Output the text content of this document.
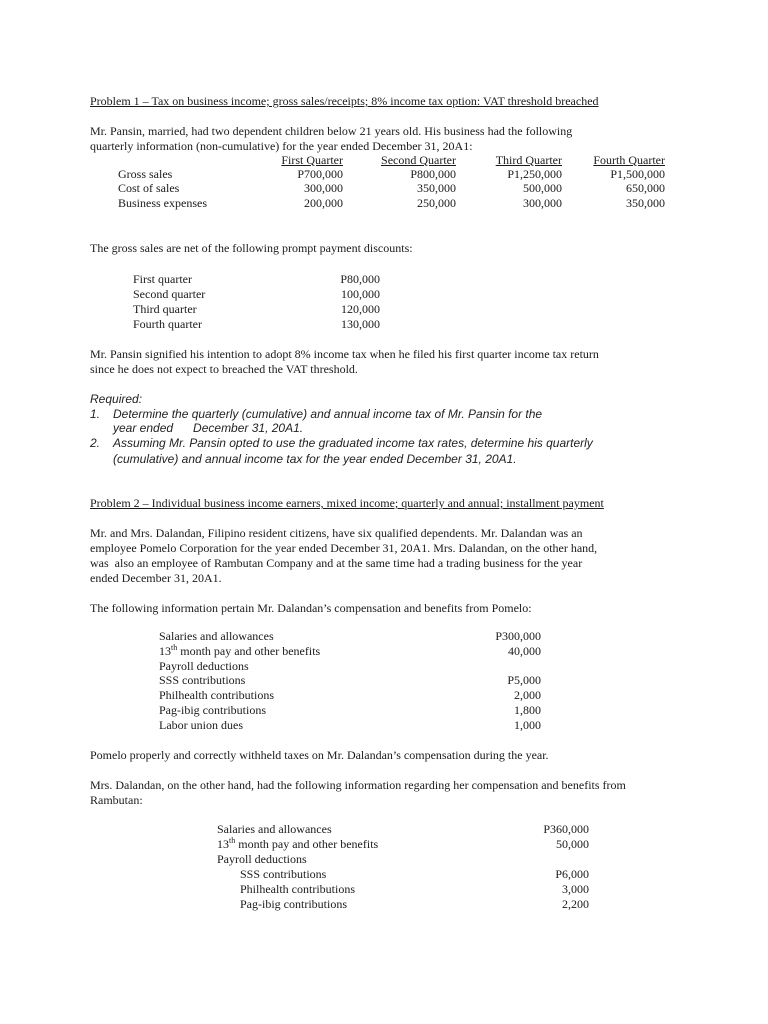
Problem 1 – Tax on business income; gross sales/receipts; 8% income tax option: VAT threshold breached
Mr. Pansin, married, had two dependent children below 21 years old. His business had the following
quarterly information (non-cumulative) for the year ended December 31, 20A1:
First Quarter	Second Quarter	Third Quarter	Fourth Quarter
Gross sales	P700,000	P800,000	P1,250,000	P1,500,000
Cost of sales	300,000	350,000	500,000	650,000
Business expenses	200,000	250,000	300,000	350,000
The gross sales are net of the following prompt payment discounts:
First quarter	P80,000
Second quarter	100,000
Third quarter	120,000
Fourth quarter	130,000
Mr. Pansin signified his intention to adopt 8% income tax when he filed his first quarter income tax return
since he does not expect to breached the VAT threshold.
Required:
1. Determine the quarterly (cumulative) and annual income tax of Mr. Pansin for the
year ended      December 31, 20A1.
2. Assuming Mr. Pansin opted to use the graduated income tax rates, determine his quarterly
(cumulative) and annual income tax for the year ended December 31, 20A1.
Problem 2 – Individual business income earners, mixed income; quarterly and annual; installment payment
Mr. and Mrs. Dalandan, Filipino resident citizens, have six qualified dependents. Mr. Dalandan was an
employee Pomelo Corporation for the year ended December 31, 20A1. Mrs. Dalandan, on the other hand,
was  also an employee of Rambutan Company and at the same time had a trading business for the year
ended December 31, 20A1.
The following information pertain Mr. Dalandan’s compensation and benefits from Pomelo:
Salaries and allowances	P300,000
13th month pay and other benefits	40,000
Payroll deductions
SSS contributions	P5,000
Philhealth contributions	2,000
Pag-ibig contributions	1,800
Labor union dues	1,000
Pomelo properly and correctly withheld taxes on Mr. Dalandan’s compensation during the year.
Mrs. Dalandan, on the other hand, had the following information regarding her compensation and benefits from
Rambutan:
Salaries and allowances	P360,000
13th month pay and other benefits	50,000
Payroll deductions
SSS contributions	P6,000
Philhealth contributions	3,000
Pag-ibig contributions	2,200
